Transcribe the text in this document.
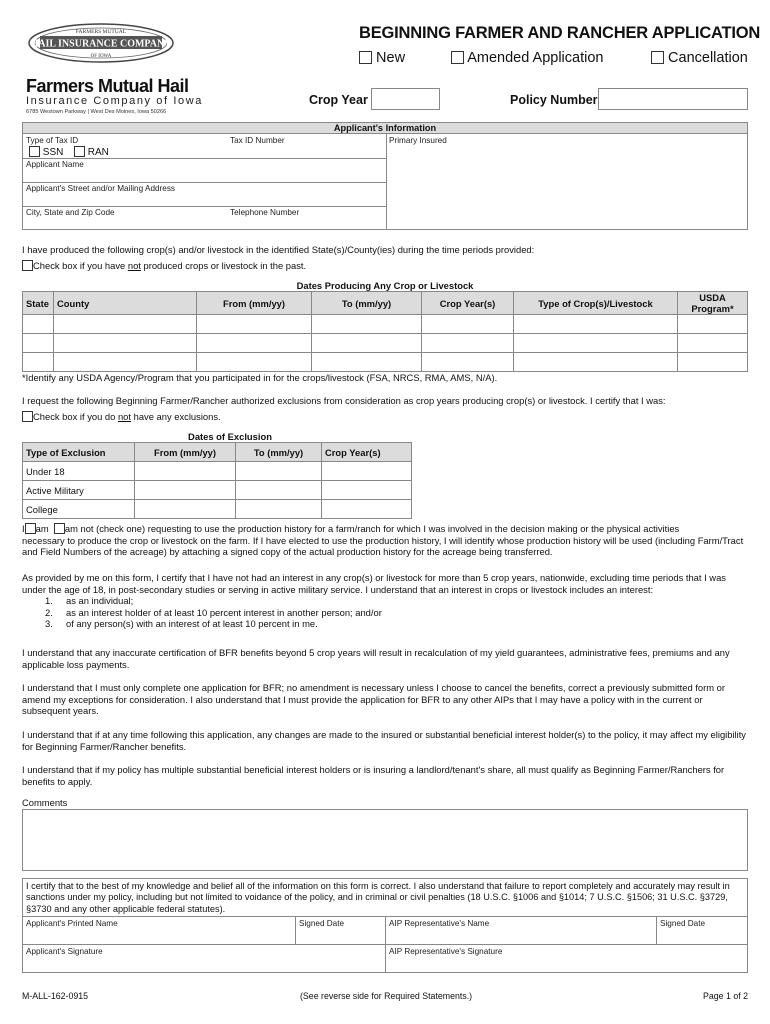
HAIL INSURANCE COMPANY
FARMERS MUTUAL
OF IOWA
Farmers Mutual Hail
Insurance Company of Iowa
6785 Westown Parkway | West Des Moines, Iowa 50266
BEGINNING FARMER AND RANCHER APPLICATION
New	Amended Application	Cancellation
Crop Year	Policy Number
Applicant's Information
Type of Tax ID
SSN	RAN
Tax ID Number	Primary Insured
Applicant Name
Applicant's Street and/or Mailing Address
City, State and Zip Code	Telephone Number
I have produced the following crop(s) and/or livestock in the identified State(s)/County(ies) during the time periods provided:
Check box if you have not produced crops or livestock in the past.
Dates Producing Any Crop or Livestock
State	County	From (mm/yy)	To (mm/yy)	Crop Year(s)	Type of Crop(s)/Livestock	USDA Program*

*Identify any USDA Agency/Program that you participated in for the crops/livestock (FSA, NRCS, RMA, AMS, N/A).
I request the following Beginning Farmer/Rancher authorized exclusions from consideration as crop years producing crop(s) or livestock. I certify that I was:
Check box if you do not have any exclusions.
Dates of Exclusion
Type of Exclusion	From (mm/yy)	To (mm/yy)	Crop Year(s)
Under 18			
Active Military			
College			
I am am not (check one) requesting to use the production history for a farm/ranch for which I was involved in the decision making or the physical activities
necessary to produce the crop or livestock on the farm. If I have elected to use the production history, I will identify whose production history will be used (including Farm/Tract and Field Numbers of the acreage) by attaching a signed copy of the actual production history for the acreage being transferred.
As provided by me on this form, I certify that I have not had an interest in any crop(s) or livestock for more than 5 crop years, nationwide, excluding time periods that I was under the age of 18, in post-secondary studies or serving in active military service. I understand that an interest in crops or livestock includes an interest:
1. as an individual;
2. as an interest holder of at least 10 percent interest in another person; and/or
3. of any person(s) with an interest of at least 10 percent in me.

I understand that any inaccurate certification of BFR benefits beyond 5 crop years will result in recalculation of my yield guarantees, administrative fees, premiums and any applicable loss payments.

I understand that I must only complete one application for BFR; no amendment is necessary unless I choose to cancel the benefits, correct a previously submitted form or amend my exceptions for consideration. I also understand that I must provide the application for BFR to any other AIPs that I may have a policy with in the current or subsequent years.

I understand that if at any time following this application, any changes are made to the insured or substantial beneficial interest holder(s) to the policy, it may affect my eligibility for Beginning Farmer/Rancher benefits.

I understand that if my policy has multiple substantial beneficial interest holders or is insuring a landlord/tenant's share, all must qualify as Beginning Farmer/Ranchers for benefits to apply.

Comments
I certify that to the best of my knowledge and belief all of the information on this form is correct. I also understand that failure to report completely and accurately may result in sanctions under my policy, including but not limited to voidance of the policy, and in criminal or civil penalties (18 U.S.C. §1006 and §1014; 7 U.S.C. §1506; 31 U.S.C. §3729, §3730 and any other applicable federal statutes).
Applicant's Printed Name	Signed Date	AIP Representative's Name	Signed Date
Applicant's Signature	AIP Representative's Signature
M-ALL-162-0915	(See reverse side for Required Statements.)	Page 1 of 2
